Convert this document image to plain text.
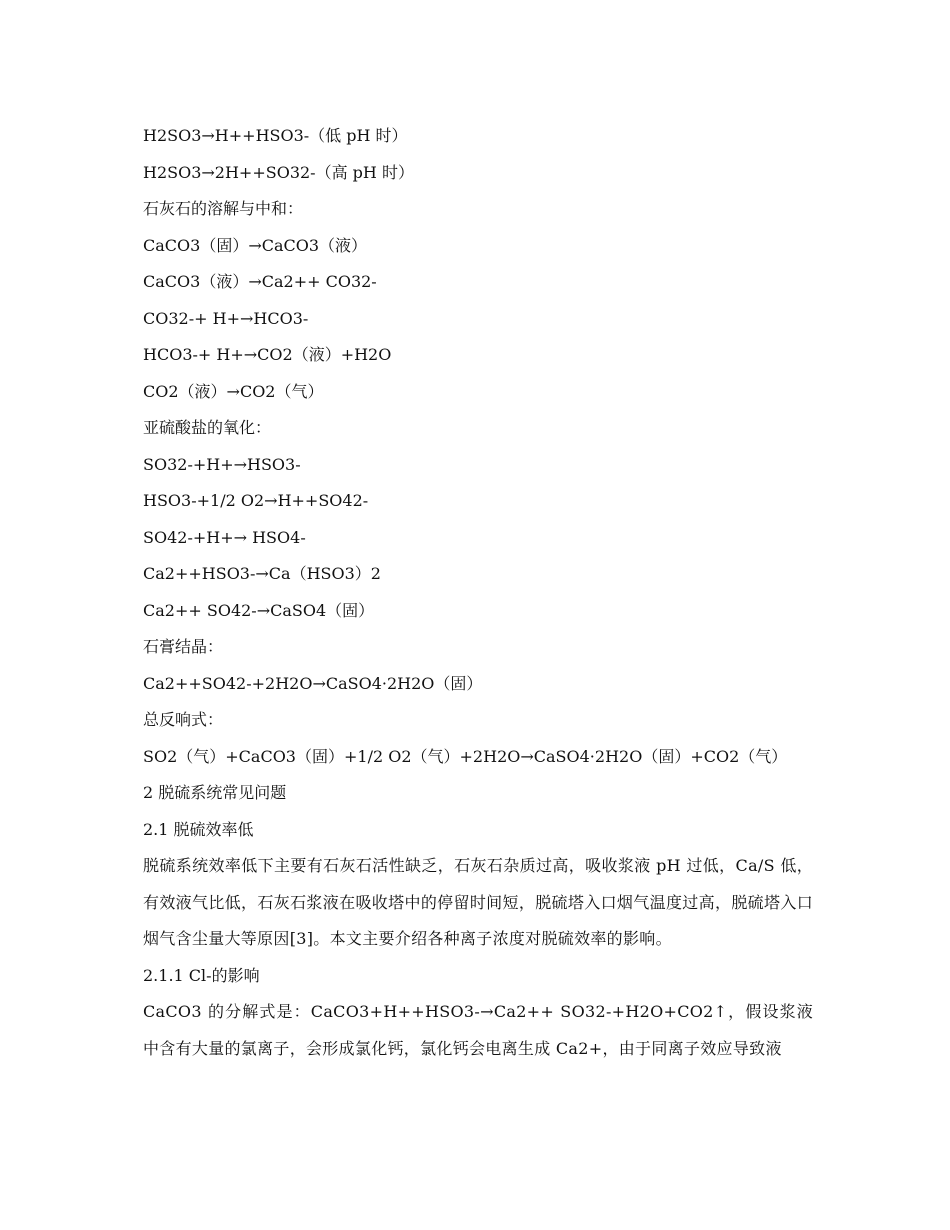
H2SO3→H++HSO3-（低 pH 时）
H2SO3→2H++SO32-（高 pH 时）
石灰石的溶解与中和：
CaCO3（固）→CaCO3（液）
CaCO3（液）→Ca2++ CO32-
CO32-+ H+→HCO3-
HCO3-+ H+→CO2（液）+H2O
CO2（液）→CO2（气）
亚硫酸盐的氧化：
SO32-+H+→HSO3-
HSO3-+1/2 O2→H++SO42-
SO42-+H+→ HSO4-
Ca2++HSO3-→Ca（HSO3）2
Ca2++ SO42-→CaSO4（固）
石膏结晶：
Ca2++SO42-+2H2O→CaSO4·2H2O（固）
总反响式：
SO2（气）+CaCO3（固）+1/2 O2（气）+2H2O→CaSO4·2H2O（固）+CO2（气）
2 脱硫系统常见问题
2.1 脱硫效率低
脱硫系统效率低下主要有石灰石活性缺乏，石灰石杂质过高，吸收浆液 pH 过低，Ca/S 低，有效液气比低，石灰石浆液在吸收塔中的停留时间短，脱硫塔入口烟气温度过高，脱硫塔入口烟气含尘量大等原因[3]。本文主要介绍各种离子浓度对脱硫效率的影响。
2.1.1 Cl-的影响
CaCO3 的分解式是：CaCO3+H++HSO3-→Ca2++ SO32-+H2O+CO2↑，假设浆液中含有大量的氯离子，会形成氯化钙，氯化钙会电离生成 Ca2+，由于同离子效应导致液
